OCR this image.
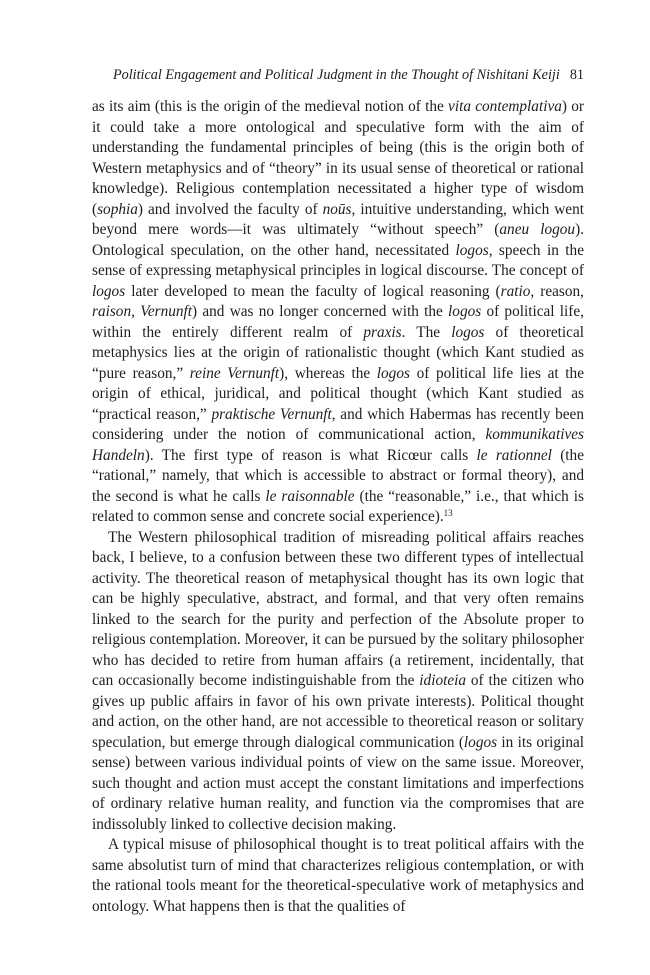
Political Engagement and Political Judgment in the Thought of Nishitani Keiji 81

as its aim (this is the origin of the medieval notion of the vita contemplativa) or it could take a more ontological and speculative form with the aim of understanding the fundamental principles of being (this is the origin both of Western metaphysics and of “theory” in its usual sense of theoretical or rational knowledge). Religious contemplation necessitated a higher type of wisdom (sophia) and involved the faculty of noūs, intuitive understanding, which went beyond mere words—it was ultimately “without speech” (aneu logou). Ontological speculation, on the other hand, necessitated logos, speech in the sense of expressing metaphysical principles in logical discourse. The concept of logos later developed to mean the faculty of logical reasoning (ratio, reason, raison, Vernunft) and was no longer concerned with the logos of political life, within the entirely different realm of praxis. The logos of theoretical metaphysics lies at the origin of rationalistic thought (which Kant studied as “pure reason,” reine Vernunft), whereas the logos of political life lies at the origin of ethical, juridical, and political thought (which Kant studied as “practical reason,” praktische Vernunft, and which Habermas has recently been considering under the notion of communicational action, kommunikatives Handeln). The first type of reason is what Ricœur calls le rationnel (the “rational,” namely, that which is accessible to abstract or formal theory), and the second is what he calls le raisonnable (the “reasonable,” i.e., that which is related to common sense and concrete social experience).$^{13}$

The Western philosophical tradition of misreading political affairs reaches back, I believe, to a confusion between these two different types of intellectual activity. The theoretical reason of metaphysical thought has its own logic that can be highly speculative, abstract, and formal, and that very often remains linked to the search for the purity and perfection of the Absolute proper to religious contemplation. Moreover, it can be pursued by the solitary philosopher who has decided to retire from human affairs (a retirement, incidentally, that can occasionally become indistinguishable from the idioteia of the citizen who gives up public affairs in favor of his own private interests). Political thought and action, on the other hand, are not accessible to theoretical reason or solitary speculation, but emerge through dialogical communication (logos in its original sense) between various individual points of view on the same issue. Moreover, such thought and action must accept the constant limitations and imperfections of ordinary relative human reality, and function via the compromises that are indissolubly linked to collective decision making.

A typical misuse of philosophical thought is to treat political affairs with the same absolutist turn of mind that characterizes religious contemplation, or with the rational tools meant for the theoretical-speculative work of metaphysics and ontology. What happens then is that the qualities of
